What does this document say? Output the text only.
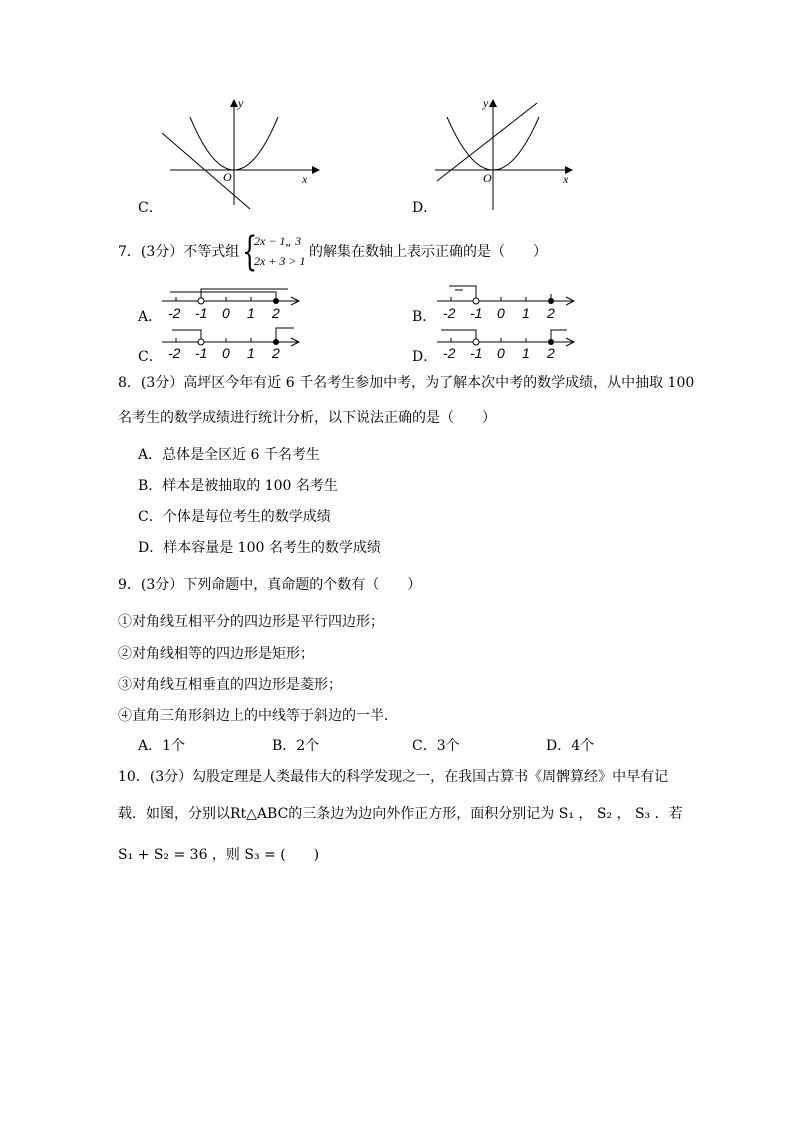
y
x
O
C．
y
x
O
D．
7．(3分）不等式组 {
2x − 1„ 3
2x + 3 > 1
的解集在数轴上表示正确的是（　　）
A． -2 -1 0 1 2	B． -2 -1 0 1 2
C． -2 -1 0 1 2	D． -2 -1 0 1 2
8．(3分）高坪区今年有近 6 千名考生参加中考，为了解本次中考的数学成绩，从中抽取 100
名考生的数学成绩进行统计分析，以下说法正确的是（　　）
A．总体是全区近 6 千名考生
B．样本是被抽取的 100 名考生
C．个体是每位考生的数学成绩
D．样本容量是 100 名考生的数学成绩
9．(3分）下列命题中，真命题的个数有（　　）
①对角线互相平分的四边形是平行四边形；
②对角线相等的四边形是矩形；
③对角线互相垂直的四边形是菱形；
④直角三角形斜边上的中线等于斜边的一半．
A．1个	B．2个	C．3个	D．4个
10．(3分）勾股定理是人类最伟大的科学发现之一，在我国古算书《周髀算经》中早有记
载．如图，分别以Rt△ABC的三条边为边向外作正方形，面积分别记为 S₁ ， S₂ ， S₃ ．若
S₁ + S₂ = 36 ，则 S₃ = (　　)
